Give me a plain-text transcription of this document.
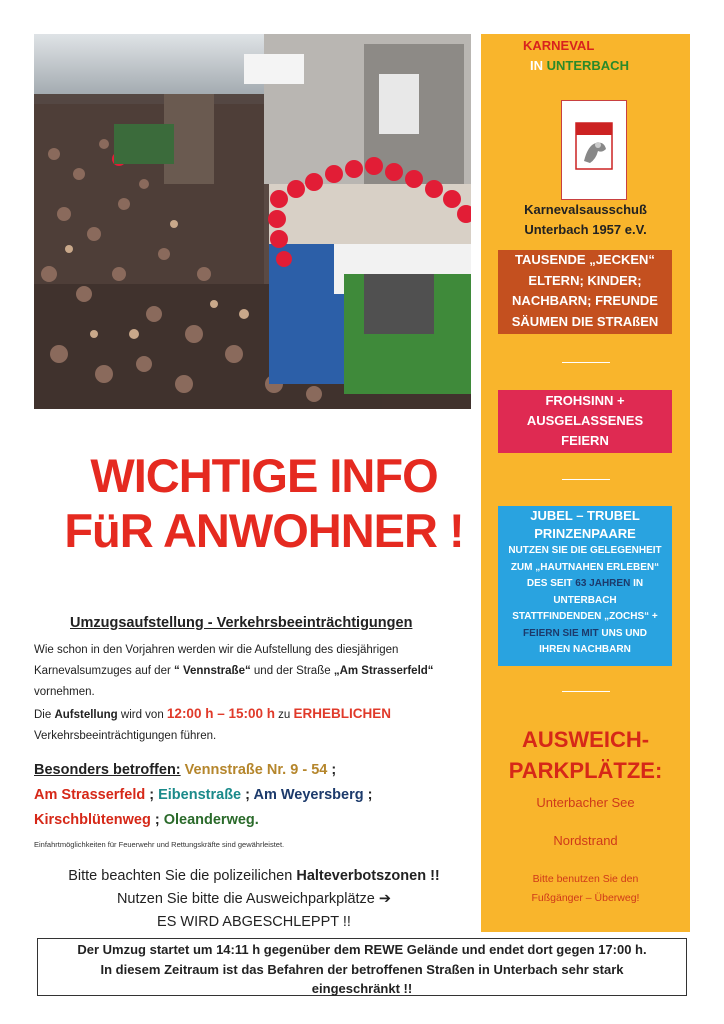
KARNEVAL
IN UNTERBACH
Karnevalsausschuß
Unterbach 1957 e.V.
TAUSENDE „JECKEN“
ELTERN; KINDER;
NACHBARN; FREUNDE
SÄUMEN DIE STRAßEN
FROHSINN +
AUSGELASSENES
FEIERN
JUBEL – TRUBEL
PRINZENPAARE
NUTZEN SIE DIE GELEGENHEIT
ZUM „HAUTNAHEN ERLEBEN“
DES SEIT 63 JAHREN IN
UNTERBACH
STATTFINDENDEN „ZOCHS“ +
FEIERN SIE MIT UNS UND
IHREN NACHBARN
AUSWEICH-
PARKPLÄTZE:
Unterbacher See
Nordstrand
Bitte benutzen Sie den
Fußgänger – Überweg!
WICHTIGE INFO
FüR ANWOHNER !
Umzugsaufstellung - Verkehrsbeeinträchtigungen
Wie schon in den Vorjahren werden wir die Aufstellung des diesjährigen Karnevalsumzuges auf der “ Vennstraße“ und der Straße „Am Strasserfeld“ vornehmen.
Die Aufstellung wird von 12:00 h – 15:00 h zu ERHEBLICHEN Verkehrsbeeinträchtigungen führen.
Besonders betroffen: Vennstraße Nr. 9 - 54 ;
Am Strasserfeld ; Eibenstraße ; Am Weyersberg ;
Kirschblütenweg ; Oleanderweg.
Einfahrtmöglichkeiten für Feuerwehr und Rettungskräfte sind gewährleistet.
Bitte beachten Sie die polizeilichen Halteverbotszonen !!
Nutzen Sie bitte die Ausweichparkplätze ➔
ES WIRD ABGESCHLEPPT !!
Der Umzug startet um 14:11 h gegenüber dem REWE Gelände und endet dort gegen 17:00 h.
In diesem Zeitraum ist das Befahren der betroffenen Straßen in Unterbach sehr stark
eingeschränkt !!
